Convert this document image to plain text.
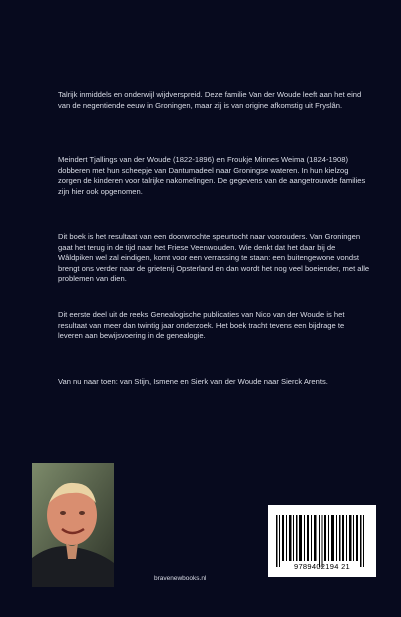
Talrijk inmiddels en onderwijl wijdverspreid. Deze familie Van der Woude leeft aan het eind van de negentiende eeuw in Groningen, maar zij is van origine afkomstig uit Fryslân.

Meindert Tjallings van der Woude (1822-1896) en Froukje Minnes Weima (1824-1908) dobberen met hun scheepje van Dantumadeel naar Groningse wateren. In hun kielzog zorgen de kinderen voor talrijke nakomelingen. De gegevens van de aangetrouwde families zijn hier ook opgenomen.

Dit boek is het resultaat van een doorwrochte speurtocht naar voorouders. Van Groningen gaat het terug in de tijd naar het Friese Veenwouden. Wie denkt dat het daar bij de Wâldpiken wel zal eindigen, komt voor een verrassing te staan: een buitengewone vondst brengt ons verder naar de grietenij Opsterland en dan wordt het nog veel boeiender, met alle problemen van dien.

Dit eerste deel uit de reeks Genealogische publicaties van Nico van der Woude is het resultaat van meer dan twintig jaar onderzoek. Het boek tracht tevens een bijdrage te leveren aan bewijsvoering in de genealogie.

Van nu naar toen: van Stijn, Ismene en Sierk van der Woude naar Sierck Arents.

bravenewbooks.nl
9789402194 21
